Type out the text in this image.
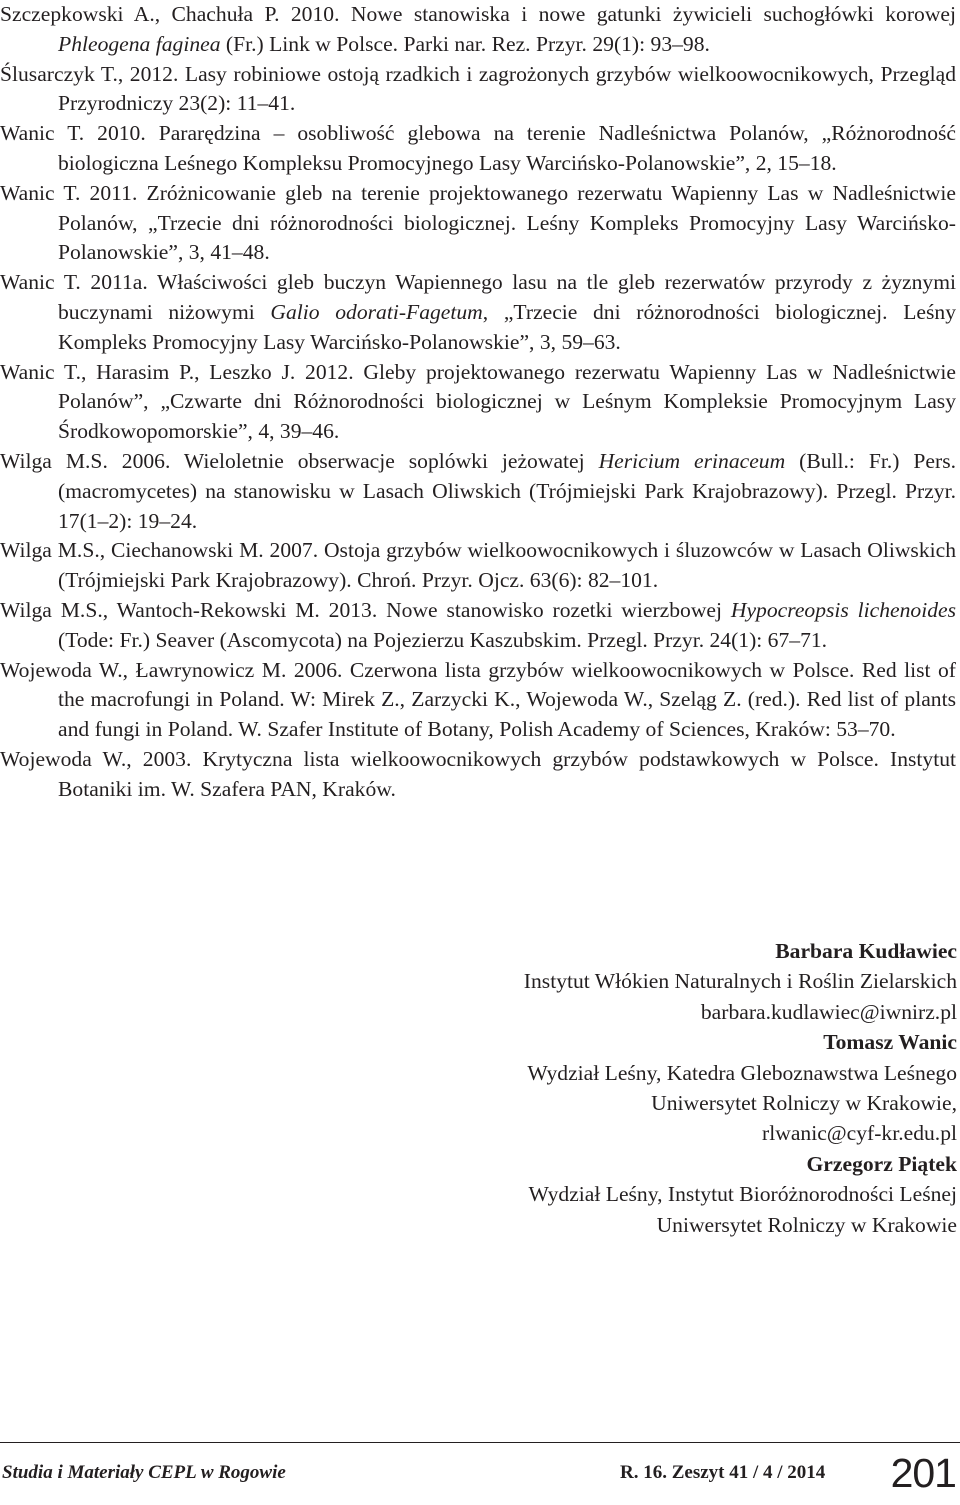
Szczepkowski A., Chachuła P. 2010. Nowe stanowiska i nowe gatunki żywicieli suchogłówki korowej Phleogena faginea (Fr.) Link w Polsce. Parki nar. Rez. Przyr. 29(1): 93–98.

Ślusarczyk T., 2012. Lasy robiniowe ostoją rzadkich i zagrożonych grzybów wielkoowocnikowych, Przegląd Przyrodniczy 23(2): 11–41.

Wanic T. 2010. Pararędzina – osobliwość glebowa na terenie Nadleśnictwa Polanów, „Różnorodność biologiczna Leśnego Kompleksu Promocyjnego Lasy Warcińsko-Polanowskie”, 2, 15–18.

Wanic T. 2011. Zróżnicowanie gleb na terenie projektowanego rezerwatu Wapienny Las w Nadleśnictwie Polanów, „Trzecie dni różnorodności biologicznej. Leśny Kompleks Promocyjny Lasy Warcińsko-Polanowskie”, 3, 41–48.

Wanic T. 2011a. Właściwości gleb buczyn Wapiennego lasu na tle gleb rezerwatów przyrody z żyznymi buczynami niżowymi Galio odorati-Fagetum, „Trzecie dni różnorodności biologicznej. Leśny Kompleks Promocyjny Lasy Warcińsko-Polanowskie”, 3, 59–63.

Wanic T., Harasim P., Leszko J. 2012. Gleby projektowanego rezerwatu Wapienny Las w Nadleśnictwie Polanów”, „Czwarte dni Różnorodności biologicznej w Leśnym Kompleksie Promocyjnym Lasy Środkowopomorskie”, 4, 39–46.

Wilga M.S. 2006. Wieloletnie obserwacje soplówki jeżowatej Hericium erinaceum (Bull.: Fr.) Pers. (macromycetes) na stanowisku w Lasach Oliwskich (Trójmiejski Park Krajobrazowy). Przegl. Przyr. 17(1–2): 19–24.

Wilga M.S., Ciechanowski M. 2007. Ostoja grzybów wielkoowocnikowych i śluzowców w Lasach Oliwskich (Trójmiejski Park Krajobrazowy). Chroń. Przyr. Ojcz. 63(6): 82–101.

Wilga M.S., Wantoch-Rekowski M. 2013. Nowe stanowisko rozetki wierzbowej Hypocreopsis lichenoides (Tode: Fr.) Seaver (Ascomycota) na Pojezierzu Kaszubskim. Przegl. Przyr. 24(1): 67–71.

Wojewoda W., Ławrynowicz M. 2006. Czerwona lista grzybów wielkoowocnikowych w Polsce. Red list of the macrofungi in Poland. W: Mirek Z., Zarzycki K., Wojewoda W., Szeląg Z. (red.). Red list of plants and fungi in Poland. W. Szafer Institute of Botany, Polish Academy of Sciences, Kraków: 53–70.

Wojewoda W., 2003. Krytyczna lista wielkoowocnikowych grzybów podstawkowych w Polsce. Instytut Botaniki im. W. Szafera PAN, Kraków.

Barbara Kudławiec
Instytut Włókien Naturalnych i Roślin Zielarskich
barbara.kudlawiec@iwnirz.pl
Tomasz Wanic
Wydział Leśny, Katedra Gleboznawstwa Leśnego
Uniwersytet Rolniczy w Krakowie,
rlwanic@cyf-kr.edu.pl
Grzegorz Piątek
Wydział Leśny, Instytut Bioróżnorodności Leśnej
Uniwersytet Rolniczy w Krakowie
Studia i Materiały CEPL w Rogowie	R. 16. Zeszyt 41 / 4 / 2014 201
